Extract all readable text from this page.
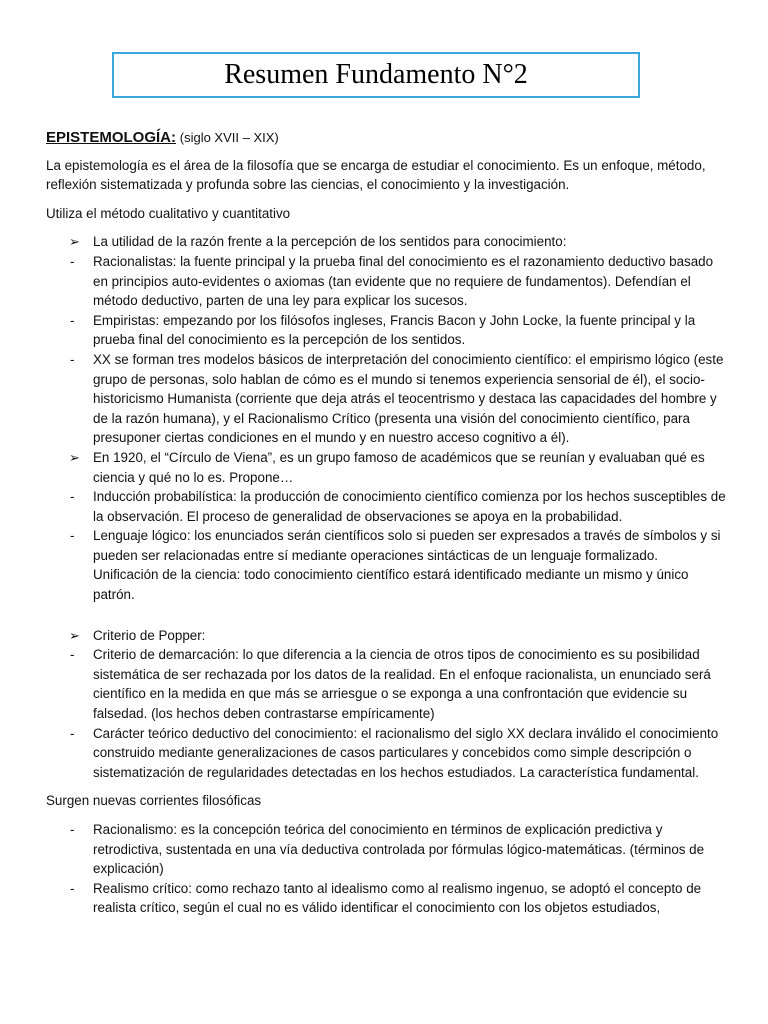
Resumen Fundamento N°2
EPISTEMOLOGÍA: (siglo XVII – XIX)

La epistemología es el área de la filosofía que se encarga de estudiar el conocimiento. Es un enfoque, método, reflexión sistematizada y profunda sobre las ciencias, el conocimiento y la investigación.

Utiliza el método cualitativo y cuantitativo

➢ La utilidad de la razón frente a la percepción de los sentidos para conocimiento:
-	Racionalistas: la fuente principal y la prueba final del conocimiento es el razonamiento deductivo basado en principios auto-evidentes o axiomas (tan evidente que no requiere de fundamentos). Defendían el método deductivo, parten de una ley para explicar los sucesos.
-	Empiristas: empezando por los filósofos ingleses, Francis Bacon y John Locke, la fuente principal y la prueba final del conocimiento es la percepción de los sentidos.
-	XX se forman tres modelos básicos de interpretación del conocimiento científico: el empirismo lógico (este grupo de personas, solo hablan de cómo es el mundo si tenemos experiencia sensorial de él), el socio-historicismo Humanista (corriente que deja atrás el teocentrismo y destaca las capacidades del hombre y de la razón humana), y el Racionalismo Crítico (presenta una visión del conocimiento científico, para presuponer ciertas condiciones en el mundo y en nuestro acceso cognitivo a él).
➢ En 1920, el “Círculo de Viena”, es un grupo famoso de académicos que se reunían y evaluaban qué es ciencia y qué no lo es. Propone…
-	Inducción probabilística: la producción de conocimiento científico comienza por los hechos susceptibles de la observación. El proceso de generalidad de observaciones se apoya en la probabilidad.
-	Lenguaje lógico: los enunciados serán científicos solo si pueden ser expresados a través de símbolos y si pueden ser relacionadas entre sí mediante operaciones sintácticas de un lenguaje formalizado. Unificación de la ciencia: todo conocimiento científico estará identificado mediante un mismo y único patrón.
➢ Criterio de Popper:
-	Criterio de demarcación: lo que diferencia a la ciencia de otros tipos de conocimiento es su posibilidad sistemática de ser rechazada por los datos de la realidad. En el enfoque racionalista, un enunciado será científico en la medida en que más se arriesgue o se exponga a una confrontación que evidencie su falsedad. (los hechos deben contrastarse empíricamente)
-	Carácter teórico deductivo del conocimiento: el racionalismo del siglo XX declara inválido el conocimiento construido mediante generalizaciones de casos particulares y concebidos como simple descripción o sistematización de regularidades detectadas en los hechos estudiados. La característica fundamental.

Surgen nuevas corrientes filosóficas

-	Racionalismo: es la concepción teórica del conocimiento en términos de explicación predictiva y retrodictiva, sustentada en una vía deductiva controlada por fórmulas lógico-matemáticas. (términos de explicación)
-	Realismo crítico: como rechazo tanto al idealismo como al realismo ingenuo, se adoptó el concepto de realista crítico, según el cual no es válido identificar el conocimiento con los objetos estudiados,
